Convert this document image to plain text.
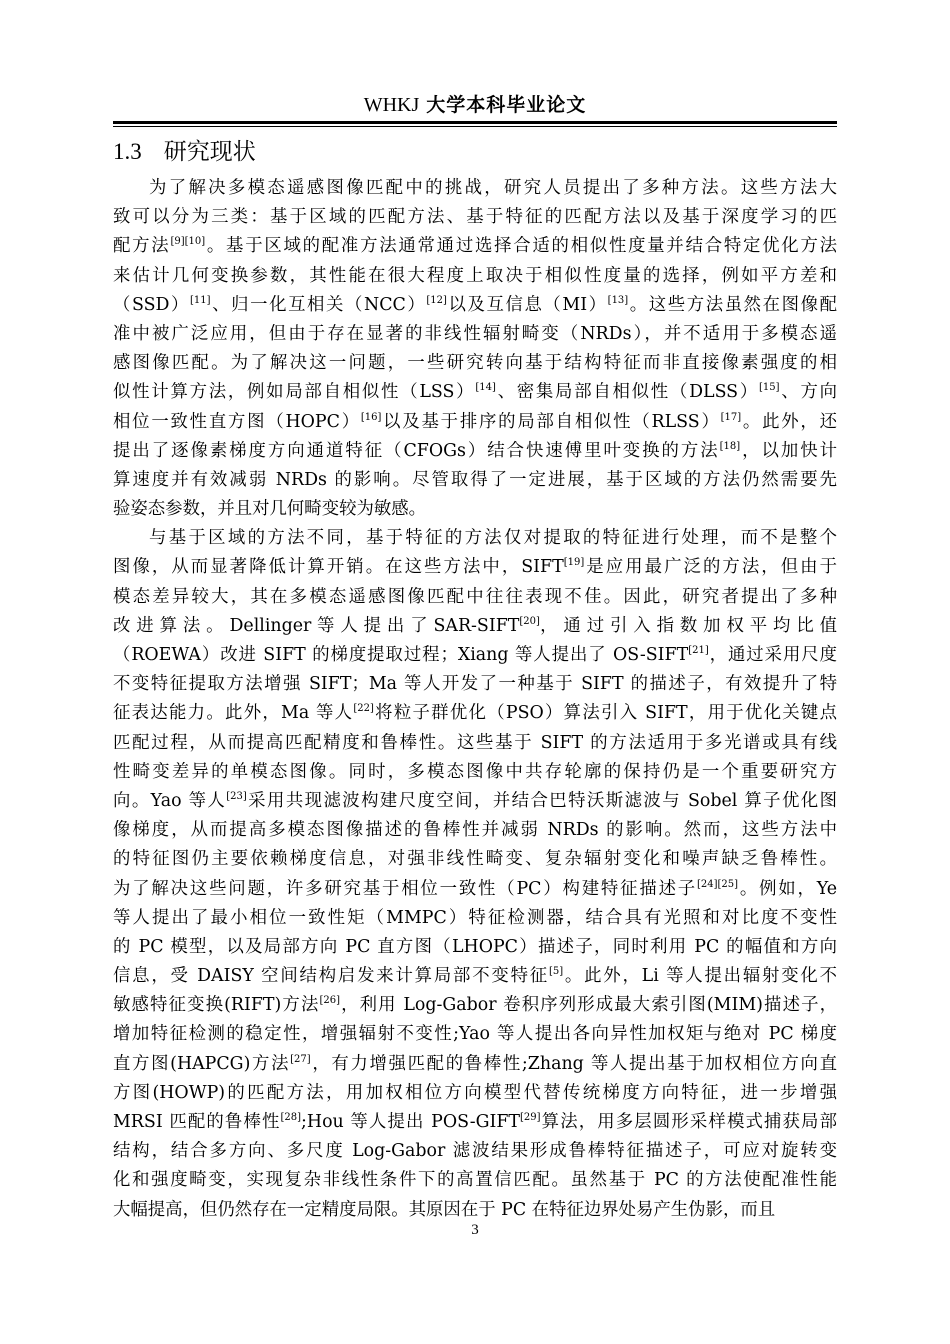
WHKJ 大学本科毕业论文
1.3 研究现状
为了解决多模态遥感图像匹配中的挑战，研究人员提出了多种方法。这些方法大
致可以分为三类：基于区域的匹配方法、基于特征的匹配方法以及基于深度学习的匹
配方法[9][10]。基于区域的配准方法通常通过选择合适的相似性度量并结合特定优化方法
来估计几何变换参数，其性能在很大程度上取决于相似性度量的选择，例如平方差和
（SSD）[11]、归一化互相关（NCC）[12]以及互信息（MI）[13]。这些方法虽然在图像配
准中被广泛应用，但由于存在显著的非线性辐射畸变（NRDs），并不适用于多模态遥
感图像匹配。为了解决这一问题，一些研究转向基于结构特征而非直接像素强度的相
似性计算方法，例如局部自相似性（LSS）[14]、密集局部自相似性（DLSS）[15]、方向
相位一致性直方图（HOPC）[16]以及基于排序的局部自相似性（RLSS）[17]。此外，还
提出了逐像素梯度方向通道特征（CFOGs）结合快速傅里叶变换的方法[18]，以加快计
算速度并有效减弱 NRDs 的影响。尽管取得了一定进展，基于区域的方法仍然需要先
验姿态参数，并且对几何畸变较为敏感。
与基于区域的方法不同，基于特征的方法仅对提取的特征进行处理，而不是整个
图像，从而显著降低计算开销。在这些方法中，SIFT[19]是应用最广泛的方法，但由于
模态差异较大，其在多模态遥感图像匹配中往往表现不佳。因此，研究者提出了多种
改 进 算 法 。 Dellinger 等 人 提 出 了 SAR-SIFT[20]， 通 过 引 入 指 数 加 权 平 均 比 值
（ROEWA）改进 SIFT 的梯度提取过程；Xiang 等人提出了 OS-SIFT[21]，通过采用尺度
不变特征提取方法增强 SIFT；Ma 等人开发了一种基于 SIFT 的描述子，有效提升了特
征表达能力。此外，Ma 等人[22]将粒子群优化（PSO）算法引入 SIFT，用于优化关键点
匹配过程，从而提高匹配精度和鲁棒性。这些基于 SIFT 的方法适用于多光谱或具有线
性畸变差异的单模态图像。同时，多模态图像中共存轮廓的保持仍是一个重要研究方
向。Yao 等人[23]采用共现滤波构建尺度空间，并结合巴特沃斯滤波与 Sobel 算子优化图
像梯度，从而提高多模态图像描述的鲁棒性并减弱 NRDs 的影响。然而，这些方法中
的特征图仍主要依赖梯度信息，对强非线性畸变、复杂辐射变化和噪声缺乏鲁棒性。
为了解决这些问题，许多研究基于相位一致性（PC）构建特征描述子[24][25]。例如，Ye
等人提出了最小相位一致性矩（MMPC）特征检测器，结合具有光照和对比度不变性
的 PC 模型，以及局部方向 PC 直方图（LHOPC）描述子，同时利用 PC 的幅值和方向
信息，受 DAISY 空间结构启发来计算局部不变特征[5]。此外，Li 等人提出辐射变化不
敏感特征变换(RIFT)方法[26]，利用 Log-Gabor 卷积序列形成最大索引图(MIM)描述子，
增加特征检测的稳定性，增强辐射不变性;Yao 等人提出各向异性加权矩与绝对 PC 梯度
直方图(HAPCG)方法[27]，有力增强匹配的鲁棒性;Zhang 等人提出基于加权相位方向直
方图(HOWP)的匹配方法，用加权相位方向模型代替传统梯度方向特征，进一步增强
MRSI 匹配的鲁棒性[28];Hou 等人提出 POS-GIFT[29]算法，用多层圆形采样模式捕获局部
结构，结合多方向、多尺度 Log-Gabor 滤波结果形成鲁棒特征描述子，可应对旋转变
化和强度畸变，实现复杂非线性条件下的高置信匹配。虽然基于 PC 的方法使配准性能
大幅提高，但仍然存在一定精度局限。其原因在于 PC 在特征边界处易产生伪影，而且
3
